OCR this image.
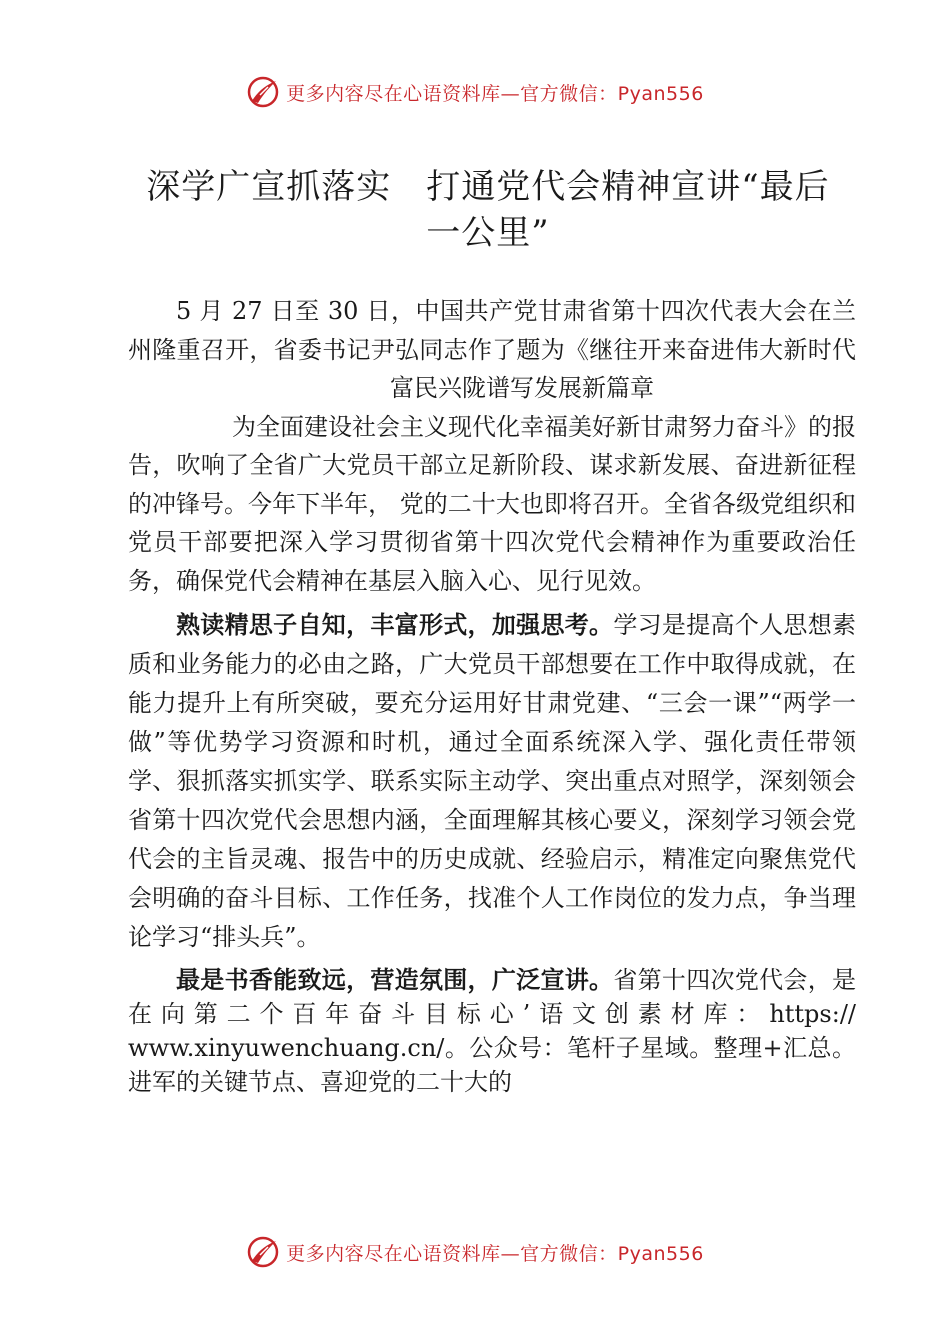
更多内容尽在心语资料库—官方微信：Pyan556
深学广宣抓落实　打通党代会精神宣讲“最后
一公里”

5 月 27 日至 30 日，中国共产党甘肃省第十四次代表大会在兰州隆重召开，省委书记尹弘同志作了题为《继往开来奋进伟大新时代富民兴陇谱写发展新篇章
为全面建设社会主义现代化幸福美好新甘肃努力奋斗》的报告，吹响了全省广大党员干部立足新阶段、谋求新发展、奋进新征程的冲锋号。今年下半年， 党的二十大也即将召开。全省各级党组织和党员干部要把深入学习贯彻省第十四次党代会精神作为重要政治任务，确保党代会精神在基层入脑入心、见行见效。

熟读精思子自知，丰富形式，加强思考。学习是提高个人思想素质和业务能力的必由之路，广大党员干部想要在工作中取得成就，在能力提升上有所突破，要充分运用好甘肃党建、“三会一课”“两学一做”等优势学习资源和时机，通过全面系统深入学、强化责任带领学、狠抓落实抓实学、联系实际主动学、突出重点对照学，深刻领会省第十四次党代会思想内涵，全面理解其核心要义，深刻学习领会党代会的主旨灵魂、报告中的历史成就、经验启示，精准定向聚焦党代会明确的奋斗目标、工作任务，找准个人工作岗位的发力点，争当理论学习“排头兵”。

最是书香能致远，营造氛围，广泛宣讲。省第十四次党代会，是在向第二个百年奋斗目标心’语文创素材库：https:// www.xinyuwenchuang.cn/。公众号：笔杆子星域。整理+汇总。进军的关键节点、喜迎党的二十大的

更多内容尽在心语资料库—官方微信：Pyan556
